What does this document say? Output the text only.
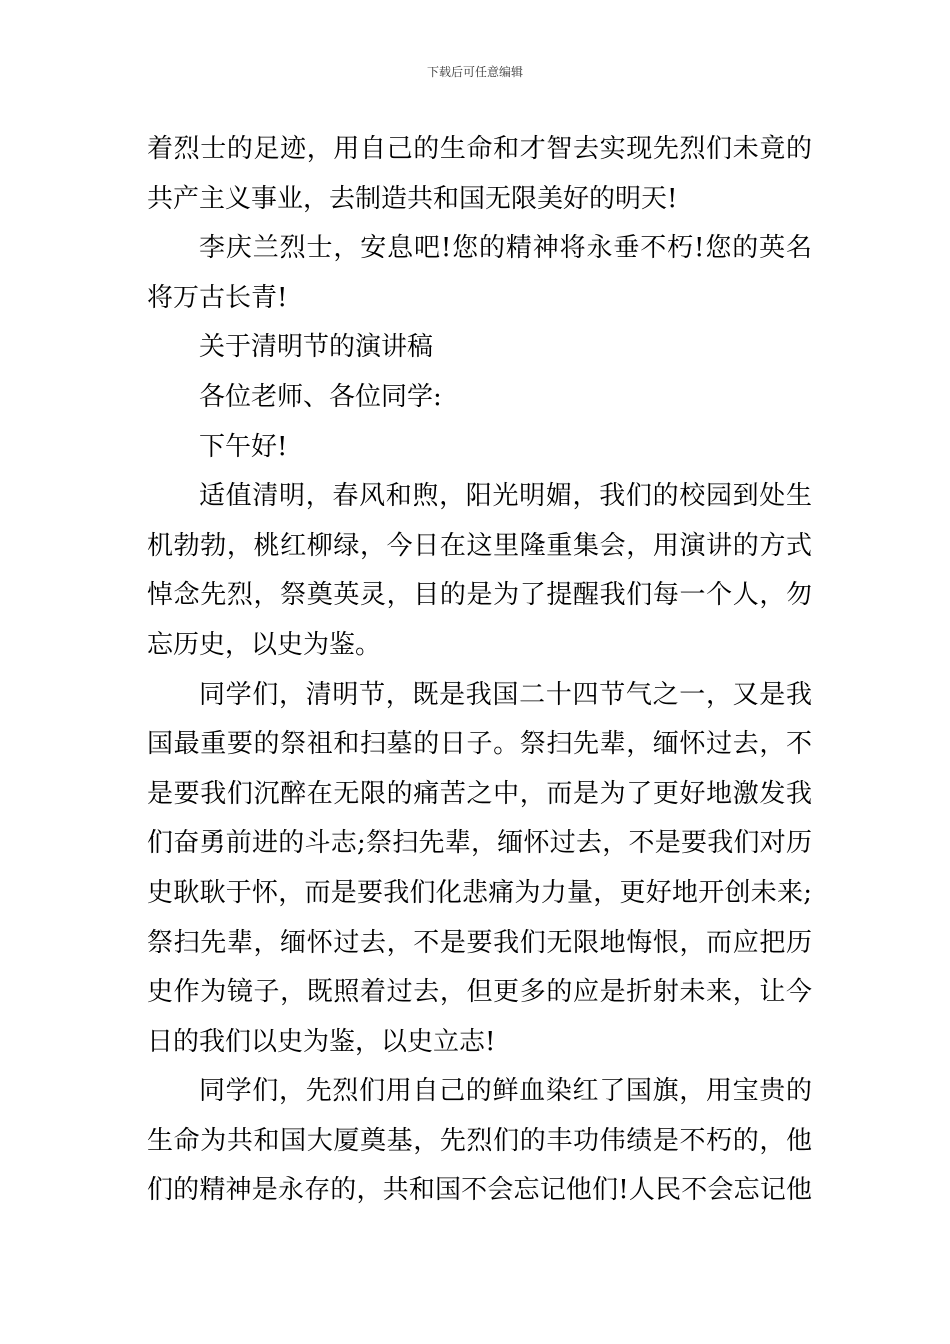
下载后可任意编辑
着烈士的足迹，用自己的生命和才智去实现先烈们未竟的
共产主义事业，去制造共和国无限美好的明天!
李庆兰烈士，安息吧!您的精神将永垂不朽!您的英名
将万古长青!
关于清明节的演讲稿
各位老师、各位同学:
下午好!
适值清明，春风和煦，阳光明媚，我们的校园到处生
机勃勃，桃红柳绿，今日在这里隆重集会，用演讲的方式
悼念先烈，祭奠英灵，目的是为了提醒我们每一个人，勿
忘历史，以史为鉴。
同学们，清明节，既是我国二十四节气之一，又是我
国最重要的祭祖和扫墓的日子。祭扫先辈，缅怀过去，不
是要我们沉醉在无限的痛苦之中，而是为了更好地激发我
们奋勇前进的斗志;祭扫先辈，缅怀过去，不是要我们对历
史耿耿于怀，而是要我们化悲痛为力量，更好地开创未来;
祭扫先辈，缅怀过去，不是要我们无限地悔恨，而应把历
史作为镜子，既照着过去，但更多的应是折射未来，让今
日的我们以史为鉴，以史立志!
同学们，先烈们用自己的鲜血染红了国旗，用宝贵的
生命为共和国大厦奠基，先烈们的丰功伟绩是不朽的，他
们的精神是永存的，共和国不会忘记他们!人民不会忘记他
